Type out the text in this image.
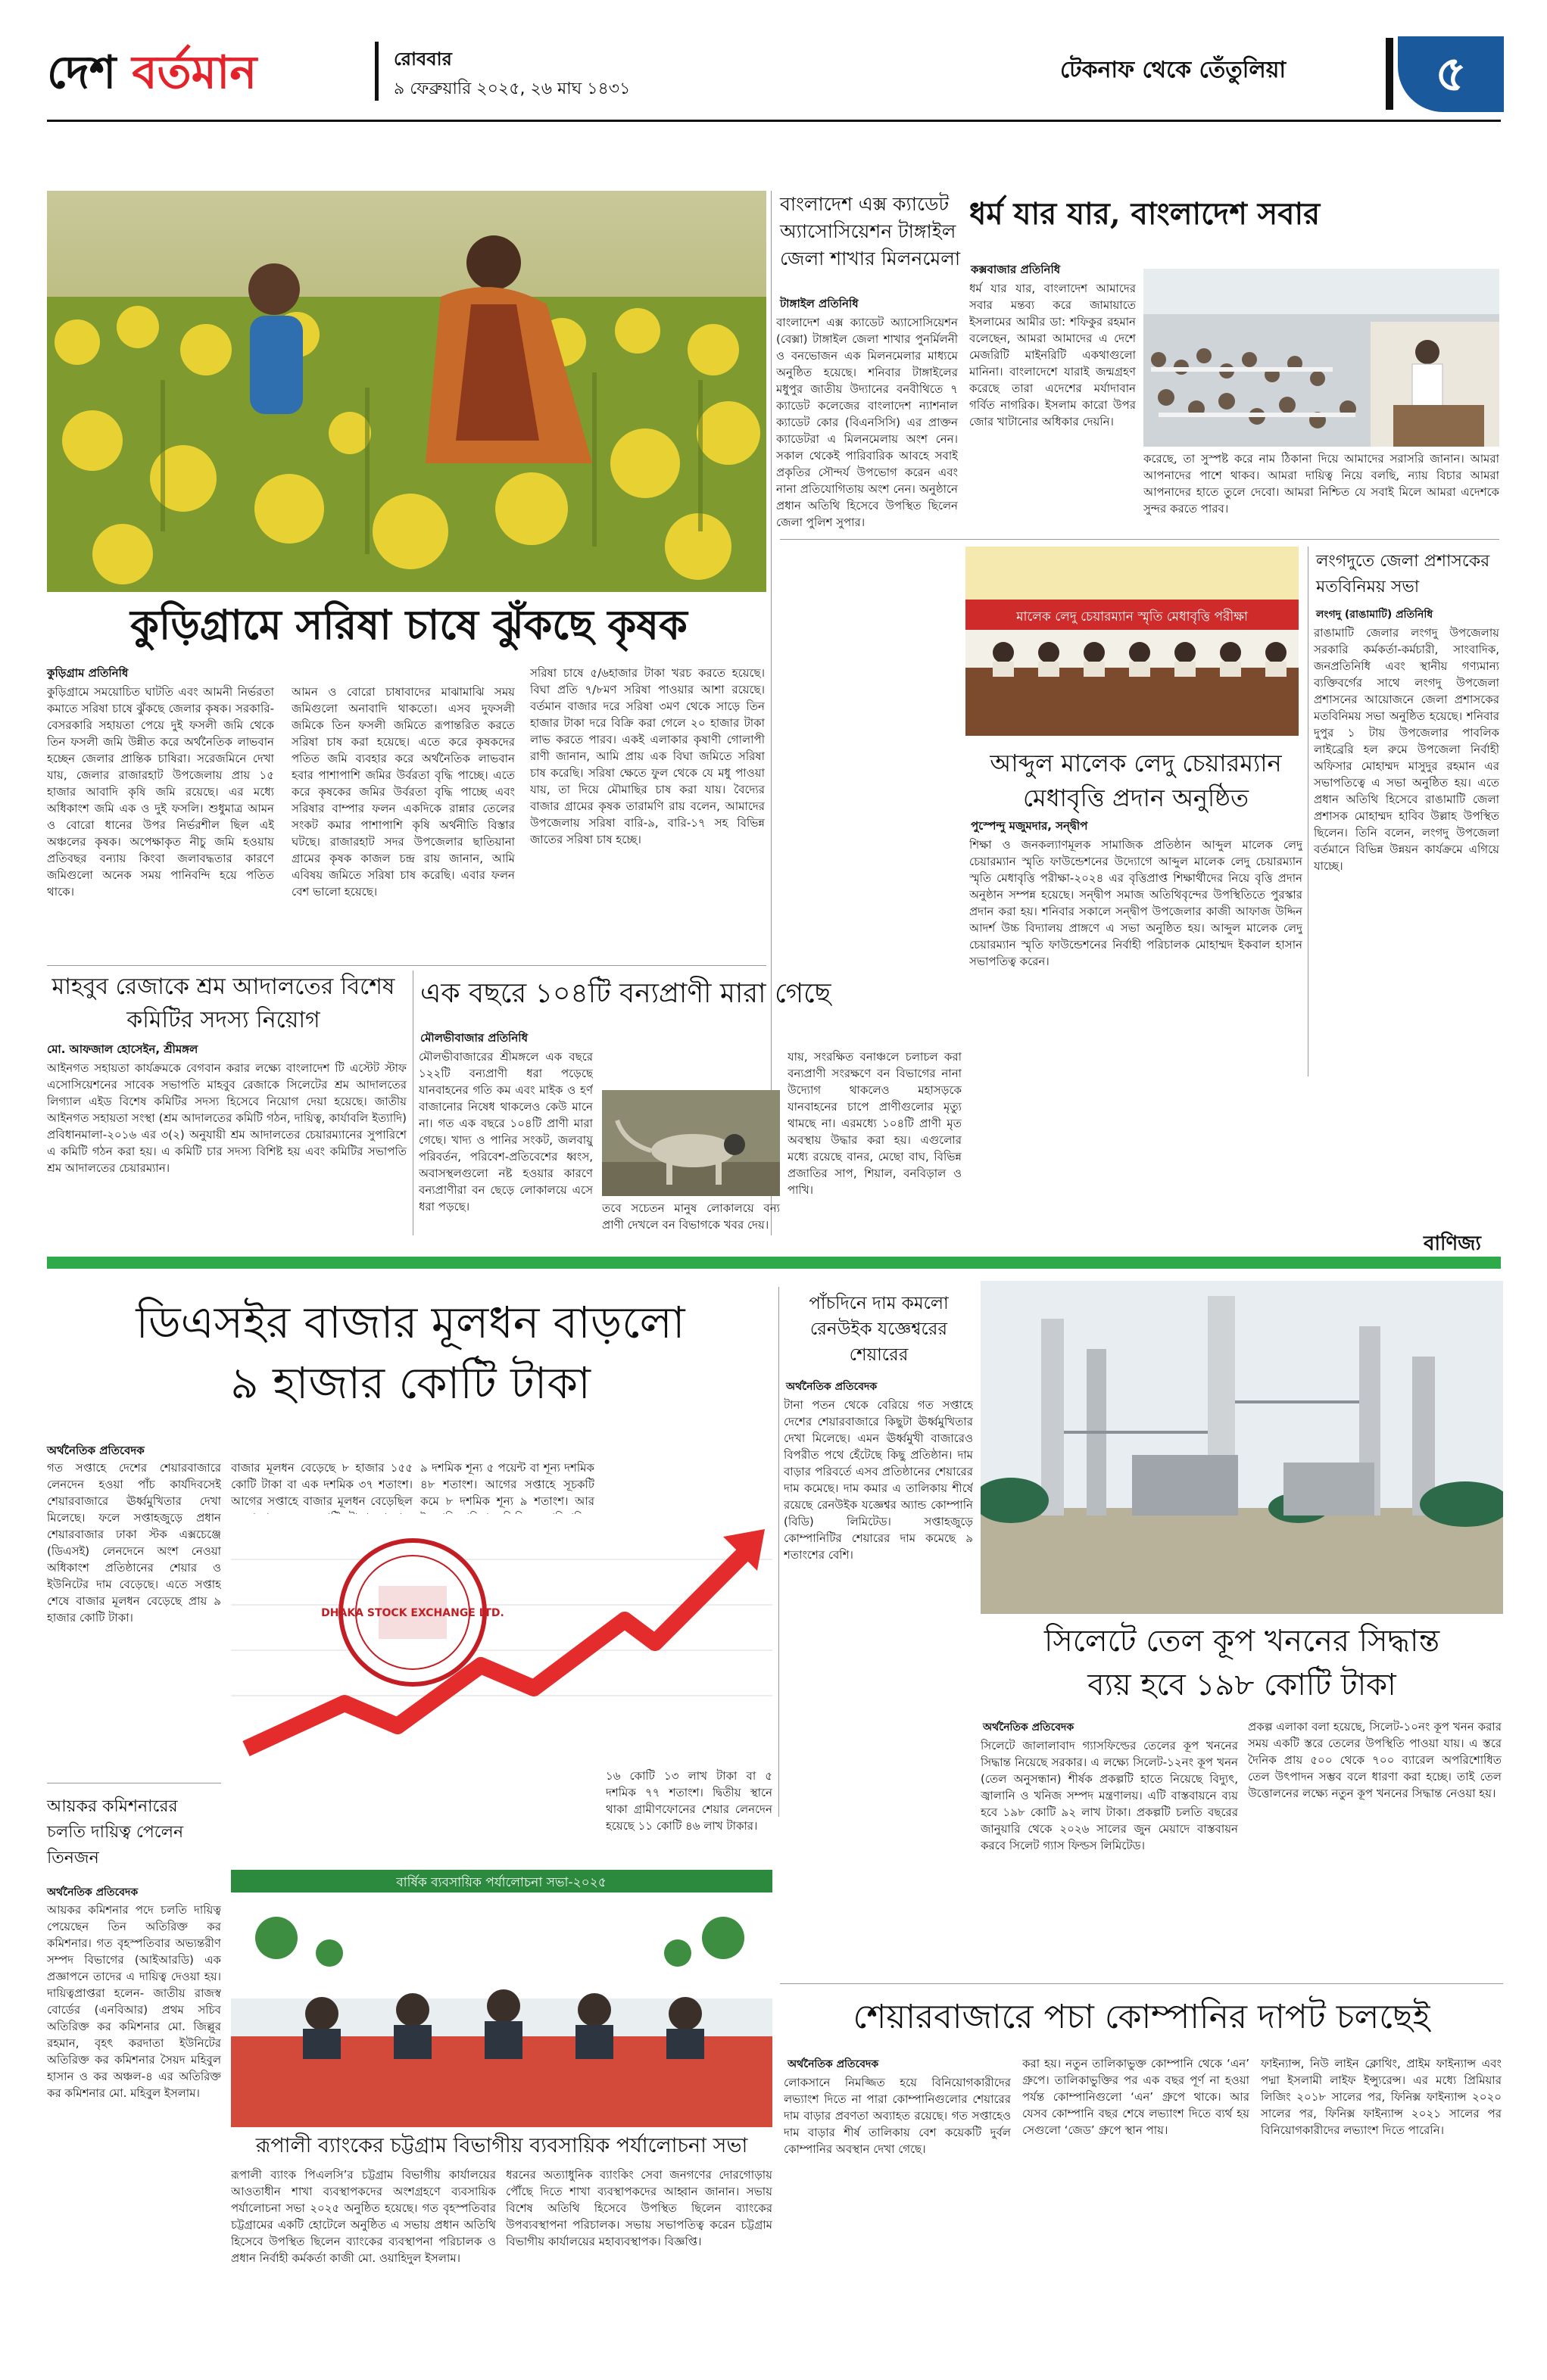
দেশ বর্তমান	রোববার
৯ ফেব্রুয়ারি ২০২৫, ২৬ মাঘ ১৪৩১
টেকনাফ থেকে তেঁতুলিয়া	৫
কুড়িগ্রামে সরিষা চাষে ঝুঁকছে কৃষক
কুড়িগ্রাম প্রতিনিধি
কুড়িগ্রামে সময়োচিত ঘাটতি এবং আমনী নির্ভরতা কমাতে সরিষা চাষে ঝুঁকছে জেলার কৃষক। সরকারি-বেসরকারি সহায়তা পেয়ে দুই ফসলী জমি থেকে তিন ফসলী জমি উন্নীত করে অর্থনৈতিক লাভবান হচ্ছেন জেলার প্রান্তিক চাষিরা। সরেজমিনে দেখা যায়, জেলার রাজারহাট উপজেলায় প্রায় ১৫ হাজার আবাদি কৃষি জমি রয়েছে। এর মধ্যে অধিকাংশ জমি এক ও দুই ফসলি। শুধুমাত্র আমন ও বোরো ধানের উপর নির্ভরশীল ছিল এই অঞ্চলের কৃষক। অপেক্ষাকৃত নীচু জমি হওয়ায় প্রতিবছর বন্যায় কিংবা জলাবদ্ধতার কারণে জমিগুলো অনেক সময় পানিবন্দি হয়ে পতিত থাকে।
আমন ও বোরো চাষাবাদের মাঝামাঝি সময় জমিগুলো অনাবাদি থাকতো। এসব দুফসলী জমিকে তিন ফসলী জমিতে রূপান্তরিত করতে সরিষা চাষ করা হয়েছে। এতে করে কৃষকদের পতিত জমি ব্যবহার করে অর্থনৈতিক লাভবান হবার পাশাপাশি জমির উর্বরতা বৃদ্ধি পাচ্ছে। এতে করে কৃষকের জমির উর্বরতা বৃদ্ধি পাচ্ছে এবং সরিষার বাম্পার ফলন একদিকে রান্নার তেলের সংকট কমার পাশাপাশি কৃষি অর্থনীতি বিস্তার ঘটছে। রাজারহাট সদর উপজেলার ছাতিয়ানা গ্রামের কৃষক কাজল চন্দ্র রায় জানান, আমি এবিষয় জমিতে সরিষা চাষ করেছি। এবার ফলন বেশ ভালো হয়েছে।
সরিষা চাষে ৫/৬হাজার টাকা খরচ করতে হয়েছে। বিঘা প্রতি ৭/৮মণ সরিষা পাওয়ার আশা রয়েছে। বর্তমান বাজার দরে সরিষা ৩মণ থেকে সাড়ে তিন হাজার টাকা দরে বিক্রি করা গেলে ২০ হাজার টাকা লাভ করতে পারব। একই এলাকার কৃষাণী গোলাপী রাণী জানান, আমি প্রায় এক বিঘা জমিতে সরিষা চাষ করেছি। সরিষা ক্ষেতে ফুল থেকে যে মধু পাওয়া যায়, তা দিয়ে মৌমাছির চাষ করা যায়। বৈদ্যের বাজার গ্রামের কৃষক তারামণি রায় বলেন, আমাদের উপজেলায় সরিষা বারি-৯, বারি-১৭ সহ বিভিন্ন জাতের সরিষা চাষ হচ্ছে।
বাংলাদেশ এক্স ক্যাডেট অ্যাসোসিয়েশন টাঙ্গাইল জেলা শাখার মিলনমেলা
টাঙ্গাইল প্রতিনিধি
বাংলাদেশ এক্স ক্যাডেট অ্যাসোসিয়েশন (বেক্সা) টাঙ্গাইল জেলা শাখার পুনর্মিলনী ও বনভোজন এক মিলনমেলার মাধ্যমে অনুষ্ঠিত হয়েছে। শনিবার টাঙ্গাইলের মধুপুর জাতীয় উদ্যানের বনবীথিতে ৭ ক্যাডেট কলেজের বাংলাদেশ ন্যাশনাল ক্যাডেট কোর (বিএনসিসি) এর প্রাক্তন ক্যাডেটরা এ মিলনমেলায় অংশ নেন। সকাল থেকেই পারিবারিক আবহে সবাই প্রকৃতির সৌন্দর্য উপভোগ করেন এবং নানা প্রতিযোগিতায় অংশ নেন। অনুষ্ঠানে প্রধান অতিথি হিসেবে উপস্থিত ছিলেন জেলা পুলিশ সুপার।
ধর্ম যার যার, বাংলাদেশ সবার
কক্সবাজার প্রতিনিধি
ধর্ম যার যার, বাংলাদেশ আমাদের সবার মন্তব্য করে জামায়াতে ইসলামের আমীর ডা: শফিকুর রহমান বলেছেন, আমরা আমাদের এ দেশে মেজরিটি মাইনরিটি একথাগুলো মানিনা। বাংলাদেশে যারাই জন্মগ্রহণ করেছে তারা এদেশের মর্যাদাবান গর্বিত নাগরিক। ইসলাম কারো উপর জোর খাটানোর অধিকার দেয়নি।
করেছে, তা সুস্পষ্ট করে নাম ঠিকানা দিয়ে আমাদের সরাসরি জানান। আমরা আপনাদের পাশে থাকব। আমরা দায়িত্ব নিয়ে বলছি, ন্যায় বিচার আমরা আপনাদের হাতে তুলে দেবো। আমরা নিশ্চিত যে সবাই মিলে আমরা এদেশকে সুন্দর করতে পারব।
মালেক লেদু চেয়ারম্যান স্মৃতি মেধাবৃত্তি পরীক্ষা
আব্দুল মালেক লেদু চেয়ারম্যান মেধাবৃত্তি প্রদান অনুষ্ঠিত
পুস্পেন্দু মজুমদার, সন্দ্বীপ
শিক্ষা ও জনকল্যাণমূলক সামাজিক প্রতিষ্ঠান আব্দুল মালেক লেদু চেয়ারম্যান স্মৃতি ফাউন্ডেশনের উদ্যোগে আব্দুল মালেক লেদু চেয়ারম্যান স্মৃতি মেধাবৃত্তি পরীক্ষা-২০২৪ এর বৃত্তিপ্রাপ্ত শিক্ষার্থীদের নিয়ে বৃত্তি প্রদান অনুষ্ঠান সম্পন্ন হয়েছে। সন্দ্বীপ সমাজ অতিথিবৃন্দের উপস্থিতিতে পুরস্কার প্রদান করা হয়। শনিবার সকালে সন্দ্বীপ উপজেলার কাজী আফাজ উদ্দিন আদর্শ উচ্চ বিদ্যালয় প্রাঙ্গণে এ সভা অনুষ্ঠিত হয়। আব্দুল মালেক লেদু চেয়ারম্যান স্মৃতি ফাউন্ডেশনের নির্বাহী পরিচালক মোহাম্মদ ইকবাল হাসান সভাপতিত্ব করেন।
লংগদুতে জেলা প্রশাসকের মতবিনিময় সভা
লংগদু (রাঙামাটি) প্রতিনিধি
রাঙামাটি জেলার লংগদু উপজেলায় সরকারি কর্মকর্তা-কর্মচারী, সাংবাদিক, জনপ্রতিনিধি এবং স্থানীয় গণ্যমান্য ব্যক্তিবর্গের সাথে লংগদু উপজেলা প্রশাসনের আয়োজনে জেলা প্রশাসকের মতবিনিময় সভা অনুষ্ঠিত হয়েছে। শনিবার দুপুর ১ টায় উপজেলার পাবলিক লাইব্রেরি হল রুমে উপজেলা নির্বাহী অফিসার মোহাম্মদ মাসুদুর রহমান এর সভাপতিত্বে এ সভা অনুষ্ঠিত হয়। এতে প্রধান অতিথি হিসেবে রাঙামাটি জেলা প্রশাসক মোহাম্মদ হাবিব উল্লাহ উপস্থিত ছিলেন। তিনি বলেন, লংগদু উপজেলা বর্তমানে বিভিন্ন উন্নয়ন কার্যক্রমে এগিয়ে যাচ্ছে।
মাহবুব রেজাকে শ্রম আদালতের বিশেষ কমিটির সদস্য নিয়োগ
মো. আফজাল হোসেইন, শ্রীমঙ্গল
আইনগত সহায়তা কার্যক্রমকে বেগবান করার লক্ষ্যে বাংলাদেশ টি এস্টেট স্টাফ এসোসিয়েশনের সাবেক সভাপতি মাহবুব রেজাকে সিলেটের শ্রম আদালতের লিগ্যাল এইড বিশেষ কমিটির সদস্য হিসেবে নিয়োগ দেয়া হয়েছে। জাতীয় আইনগত সহায়তা সংস্থা (শ্রম আদালতের কমিটি গঠন, দায়িত্ব, কার্যাবলি ইত্যাদি) প্রবিধানমালা-২০১৬ এর ৩(২) অনুযায়ী শ্রম আদালতের চেয়ারম্যানের সুপারিশে এ কমিটি গঠন করা হয়। এ কমিটি চার সদস্য বিশিষ্ট হয় এবং কমিটির সভাপতি শ্রম আদালতের চেয়ারম্যান।
এক বছরে ১০৪টি বন্যপ্রাণী মারা গেছে
মৌলভীবাজার প্রতিনিধি
মৌলভীবাজারের শ্রীমঙ্গলে এক বছরে ১২২টি বন্যপ্রাণী ধরা পড়েছে যানবাহনের গতি কম এবং মাইক ও হর্ণ বাজানোর নিষেধ থাকলেও কেউ মানে না। গত এক বছরে ১০৪টি প্রাণী মারা গেছে। খাদ্য ও পানির সংকট, জলবায়ু পরিবর্তন, পরিবেশ-প্রতিবেশের ধ্বংস, অবাসস্থলগুলো নষ্ট হওয়ার কারণে বন্যপ্রাণীরা বন ছেড়ে লোকালয়ে এসে ধরা পড়ছে।	তবে সচেতন মানুষ লোকালয়ে বন্য প্রাণী দেখলে বন বিভাগকে খবর দেয়।
যায়, সংরক্ষিত বনাঞ্চলে চলাচল করা বন্যপ্রাণী সংরক্ষণে বন বিভাগের নানা উদ্যোগ থাকলেও মহাসড়কে যানবাহনের চাপে প্রাণীগুলোর মৃত্যু থামছে না। এরমধ্যে ১০৪টি প্রাণী মৃত অবস্থায় উদ্ধার করা হয়। এগুলোর মধ্যে রয়েছে বানর, মেছো বাঘ, বিভিন্ন প্রজাতির সাপ, শিয়াল, বনবিড়াল ও পাখি।
বাণিজ্য
ডিএসইর বাজার মূলধন বাড়লো
৯ হাজার কোটি টাকা
অর্থনৈতিক প্রতিবেদক
গত সপ্তাহে দেশের শেয়ারবাজারে লেনদেন হওয়া পাঁচ কার্যদিবসেই শেয়ারবাজারে ঊর্ধ্বমুখিতার দেখা মিলেছে। ফলে সপ্তাহজুড়ে প্রধান শেয়ারবাজার ঢাকা স্টক এক্সচেঞ্জে (ডিএসই) লেনদেনে অংশ নেওয়া অধিকাংশ প্রতিষ্ঠানের শেয়ার ও ইউনিটের দাম বেড়েছে। এতে সপ্তাহ শেষে বাজার মূলধন বেড়েছে প্রায় ৯ হাজার কোটি টাকা।
বাজার মূলধন বেড়েছে ৮ হাজার ১৫৫ কোটি টাকা বা এক দশমিক ৩৭ শতাংশ। আগের সপ্তাহে বাজার মূলধন বেড়েছিল
৯ দশমিক শূন্য ৫ পয়েন্ট বা শূন্য দশমিক ৪৮ শতাংশ। আগের সপ্তাহে সূচকটি কমে ৮ দশমিক শূন্য ৯ শতাংশ। আর
DHAKA STOCK EXCHANGE LTD.
১৬ কোটি ১৩ লাখ টাকা বা ৫ দশমিক ৭৭ শতাংশ। দ্বিতীয় স্থানে থাকা গ্রামীণফোনের শেয়ার লেনদেন হয়েছে ১১ কোটি ৪৬ লাখ টাকার।
পাঁচদিনে দাম কমলো রেনউইক যজ্ঞেশ্বরের শেয়ারের
অর্থনৈতিক প্রতিবেদক
টানা পতন থেকে বেরিয়ে গত সপ্তাহে দেশের শেয়ারবাজারে কিছুটা ঊর্ধ্বমুখিতার দেখা মিলেছে। এমন ঊর্ধ্বমুখী বাজারেও বিপরীত পথে হেঁটেছে কিছু প্রতিষ্ঠান। দাম বাড়ার পরিবর্তে এসব প্রতিষ্ঠানের শেয়ারের দাম কমেছে। দাম কমার এ তালিকায় শীর্ষে রয়েছে রেনউইক যজ্ঞেশ্বর অ্যান্ড কোম্পানি (বিডি) লিমিটেড। সপ্তাহজুড়ে কোম্পানিটির শেয়ারের দাম কমেছে ৯ শতাংশের বেশি।
সিলেটে তেল কূপ খননের সিদ্ধান্ত
ব্যয় হবে ১৯৮ কোটি টাকা
অর্থনৈতিক প্রতিবেদক
সিলেটে জালালাবাদ গ্যাসফিল্ডের তেলের কূপ খননের সিদ্ধান্ত নিয়েছে সরকার। এ লক্ষ্যে সিলেট-১২নং কূপ খনন (তেল অনুসন্ধান) শীর্ষক প্রকল্পটি হাতে নিয়েছে বিদ্যুৎ, জ্বালানি ও খনিজ সম্পদ মন্ত্রণালয়। এটি বাস্তবায়নে ব্যয় হবে ১৯৮ কোটি ৯২ লাখ টাকা। প্রকল্পটি চলতি বছরের জানুয়ারি থেকে ২০২৬ সালের জুন মেয়াদে বাস্তবায়ন করবে সিলেট গ্যাস ফিল্ডস লিমিটেড।
প্রকল্প এলাকা বলা হয়েছে, সিলেট-১০নং কূপ খনন করার সময় একটি স্তরে তেলের উপস্থিতি পাওয়া যায়। এ স্তরে দৈনিক প্রায় ৫০০ থেকে ৭০০ ব্যারেল অপরিশোধিত তেল উৎপাদন সম্ভব বলে ধারণা করা হচ্ছে। তাই তেল উত্তোলনের লক্ষ্যে নতুন কূপ খননের সিদ্ধান্ত নেওয়া হয়।
আয়কর কমিশনারের চলতি দায়িত্ব পেলেন তিনজন
অর্থনৈতিক প্রতিবেদক
আয়কর কমিশনার পদে চলতি দায়িত্ব পেয়েছেন তিন অতিরিক্ত কর কমিশনার। গত বৃহস্পতিবার অভ্যন্তরীণ সম্পদ বিভাগের (আইআরডি) এক প্রজ্ঞাপনে তাদের এ দায়িত্ব দেওয়া হয়। দায়িত্বপ্রাপ্তরা হলেন- জাতীয় রাজস্ব বোর্ডের (এনবিআর) প্রথম সচিব অতিরিক্ত কর কমিশনার মো. জিল্লুর রহমান, বৃহৎ করদাতা ইউনিটের অতিরিক্ত কর কমিশনার সৈয়দ মহিবুল হাসান ও কর অঞ্চল-৪ এর অতিরিক্ত কর কমিশনার মো. মহিবুল ইসলাম।
বার্ষিক ব্যবসায়িক পর্যালোচনা সভা-২০২৫
রূপালী ব্যাংকের চট্টগ্রাম বিভাগীয় ব্যবসায়িক পর্যালোচনা সভা
রূপালী ব্যাংক পিএলসি’র চট্টগ্রাম বিভাগীয় কার্যালয়ের আওতাধীন শাখা ব্যবস্থাপকদের অংশগ্রহণে ব্যবসায়িক পর্যালোচনা সভা ২০২৫ অনুষ্ঠিত হয়েছে। গত বৃহস্পতিবার চট্টগ্রামের একটি হোটেলে অনুষ্ঠিত এ সভায় প্রধান অতিথি হিসেবে উপস্থিত ছিলেন ব্যাংকের ব্যবস্থাপনা পরিচালক ও প্রধান নির্বাহী কর্মকর্তা কাজী মো. ওয়াহিদুল ইসলাম।
ধরনের অত্যাধুনিক ব্যাংকিং সেবা জনগণের দোরগোড়ায় পৌঁছে দিতে শাখা ব্যবস্থাপকদের আহ্বান জানান। সভায় বিশেষ অতিথি হিসেবে উপস্থিত ছিলেন ব্যাংকের উপব্যবস্থাপনা পরিচালক। সভায় সভাপতিত্ব করেন চট্টগ্রাম বিভাগীয় কার্যালয়ের মহাব্যবস্থাপক। বিজ্ঞপ্তি।
শেয়ারবাজারে পচা কোম্পানির দাপট চলছেই
অর্থনৈতিক প্রতিবেদক
লোকসানে নিমজ্জিত হয়ে বিনিয়োগকারীদের লভ্যাংশ দিতে না পারা কোম্পানিগুলোর শেয়ারের দাম বাড়ার প্রবণতা অব্যাহত রয়েছে। গত সপ্তাহেও দাম বাড়ার শীর্ষ তালিকায় বেশ কয়েকটি দুর্বল কোম্পানির অবস্থান দেখা গেছে।
করা হয়। নতুন তালিকাভুক্ত কোম্পানি থেকে ‘এন’ গ্রুপে। তালিকাভুক্তির পর এক বছর পূর্ণ না হওয়া পর্যন্ত কোম্পানিগুলো ‘এন’ গ্রুপে থাকে। আর যেসব কোম্পানি বছর শেষে লভ্যাংশ দিতে ব্যর্থ হয় সেগুলো ‘জেড’ গ্রুপে স্থান পায়।
ফাইন্যান্স, নিউ লাইন ক্লোথিং, প্রাইম ফাইন্যান্স এবং পদ্মা ইসলামী লাইফ ইন্স্যুরেন্স। এর মধ্যে প্রিমিয়ার লিজিং ২০১৮ সালের পর, ফিনিক্স ফাইন্যান্স ২০২০ সালের পর, ফিনিক্স ফাইন্যান্স ২০২১ সালের পর বিনিয়োগকারীদের লভ্যাংশ দিতে পারেনি।
